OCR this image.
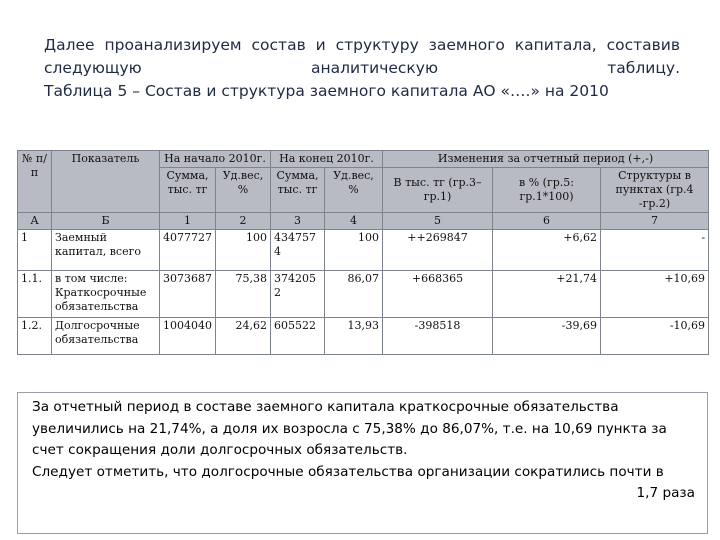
Далее проанализируем состав и структуру заемного капитала, составив
следующую аналитическую таблицу.
Таблица 5 – Состав и структура заемного капитала АО «….» на 2010
№ п/п	Показатель	На начало 2010г.		На конец 2010г.		Изменения за отчетный период (+,-)		
		Сумма, тыс. тг	Уд.вес, %	Сумма, тыс. тг	Уд.вес, %	В тыс. тг (гр.3–гр.1)	в % (гр.5: гр.1*100)	Структуры в пунктах (гр.4 -гр.2)
А	Б	1	2	3	4	5	6	7
1	Заемный капитал, всего	4077727	100	434757 4	100	++269847	+6,62	-
1.1.	в том числе: Краткосрочные обязательства	3073687	75,38	374205 2	86,07	+668365	+21,74	+10,69
1.2.	Долгосрочные обязательства	1004040	24,62	605522	13,93	-398518	-39,69	-10,69
За отчетный период в составе заемного капитала краткосрочные обязательства увеличились на 21,74%, а доля их возросла с 75,38% до 86,07%, т.е. на 10,69 пункта за счет сокращения доли долгосрочных обязательств.
Следует отметить, что долгосрочные обязательства организации сократились почти в
1,7 раза
